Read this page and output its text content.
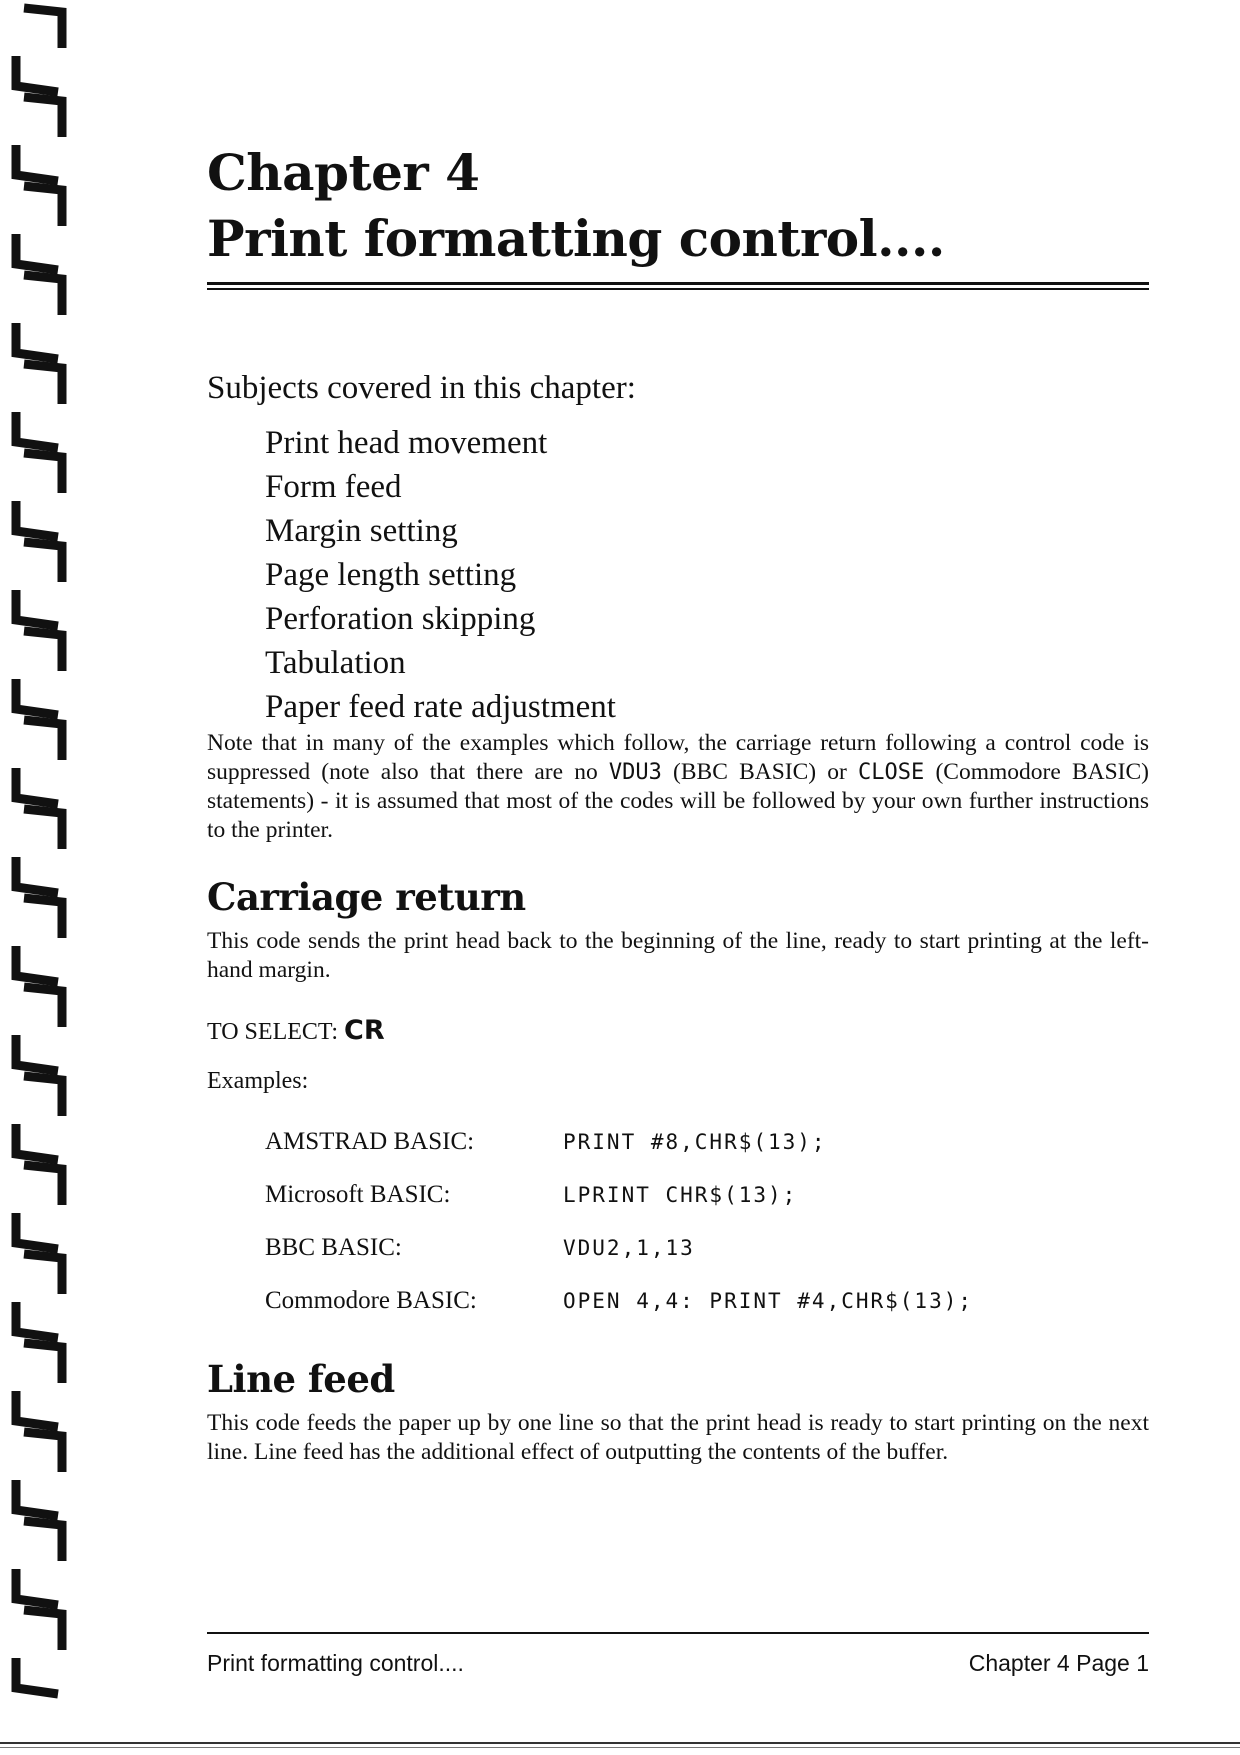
Chapter 4
Print formatting control....
Subjects covered in this chapter:
Print head movement
Form feed
Margin setting
Page length setting
Perforation skipping
Tabulation
Paper feed rate adjustment

Note that in many of the examples which follow, the carriage return following a control code is suppressed (note also that there are no VDU3 (BBC BASIC) or CLOSE (Commodore BASIC) statements) - it is assumed that most of the codes will be followed by your own further instructions to the printer.

Carriage return

This code sends the print head back to the beginning of the line, ready to start printing at the left-hand margin.

TO SELECT: CR
Examples:
AMSTRAD BASIC:	PRINT #8,CHR$(13);
Microsoft BASIC:	LPRINT CHR$(13);
BBC BASIC:	VDU2,1,13
Commodore BASIC:	OPEN 4,4: PRINT #4,CHR$(13);
Line feed

This code feeds the paper up by one line so that the print head is ready to start printing on the next line. Line feed has the additional effect of outputting the contents of the buffer.

Print formatting control....	Chapter 4 Page 1
